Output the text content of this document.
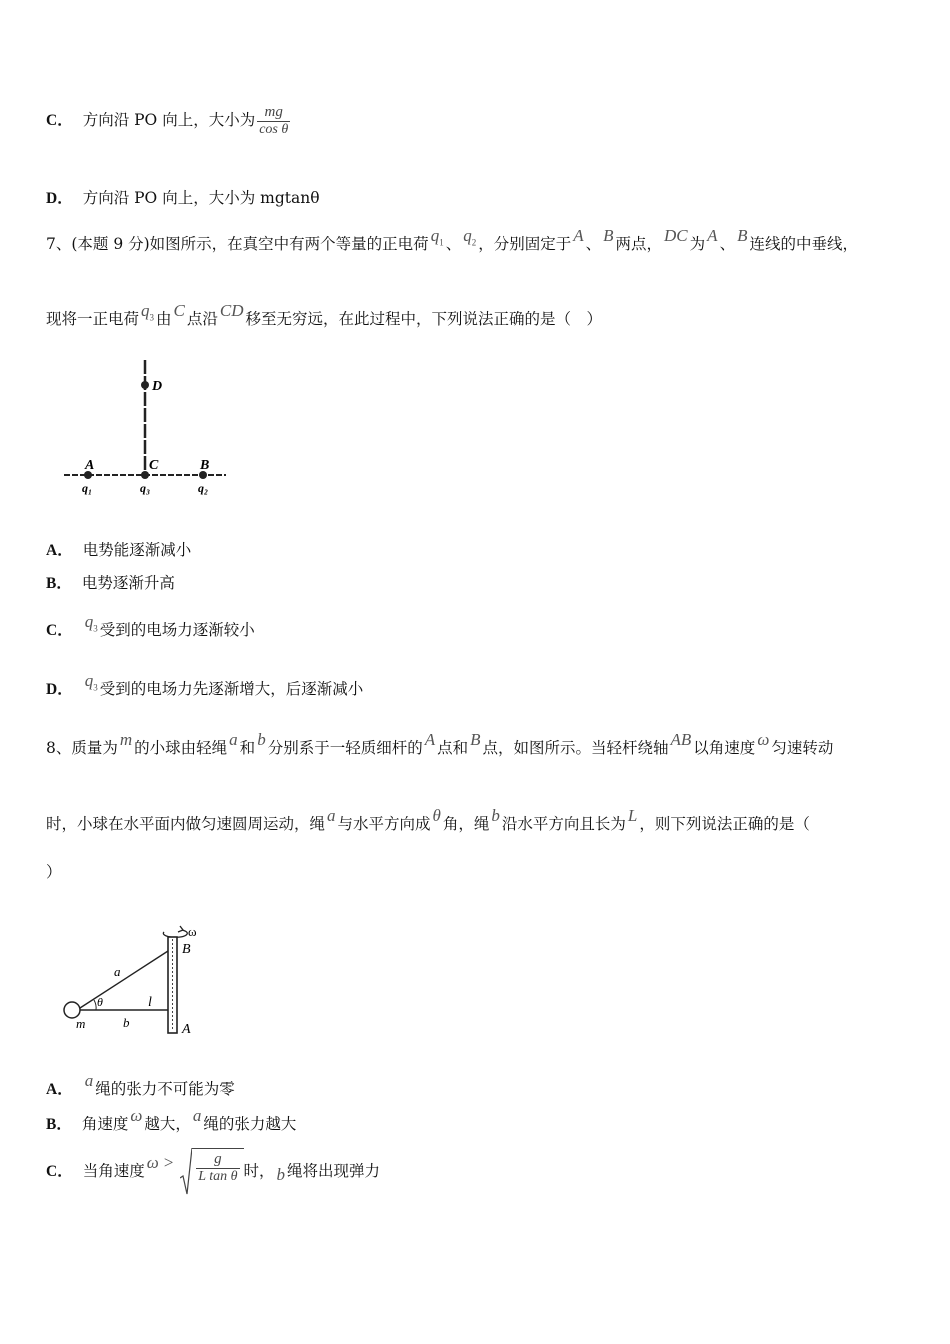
C． 方向沿 PO 向上，大小为 $\frac{mg}{\text{cos θ}}$
D． 方向沿 PO 向上，大小为 mgtanθ
7、(本题 9 分)如图所示，在真空中有两个等量的正电荷 $q_1$ 、 $q_2$ ，分别固定于 A 、 B 两点， DC 为 A 、 B 连线的中垂线，
现将一正电荷 $q_3$ 由 C 点沿 CD 移至无穷远，在此过程中，下列说法正确的是（　）
D
A	C	B
q₁	q₃	q₂
A． 电势能逐渐减小
B． 电势逐渐升高
C． $q_3$ 受到的电场力逐渐较小
D． $q_3$ 受到的电场力先逐渐增大，后逐渐减小
8、质量为 m 的小球由轻绳 a 和 b 分别系于一轻质细杆的 A 点和 B 点，如图所示。当轻杆绕轴 AB 以角速度 ω 匀速转动
时，小球在水平面内做匀速圆周运动，绳 a 与水平方向成 θ 角，绳 b 沿水平方向且长为 L ，则下列说法正确的是（
）
ω
B
a
θ	l
m	b	A
A． a 绳的张力不可能为零
B． 角速度 ω 越大， a 绳的张力越大
C． 当角速度 $\omega > \frac{g}{\text{L tan θ}}$ 时， b 绳将出现弹力
